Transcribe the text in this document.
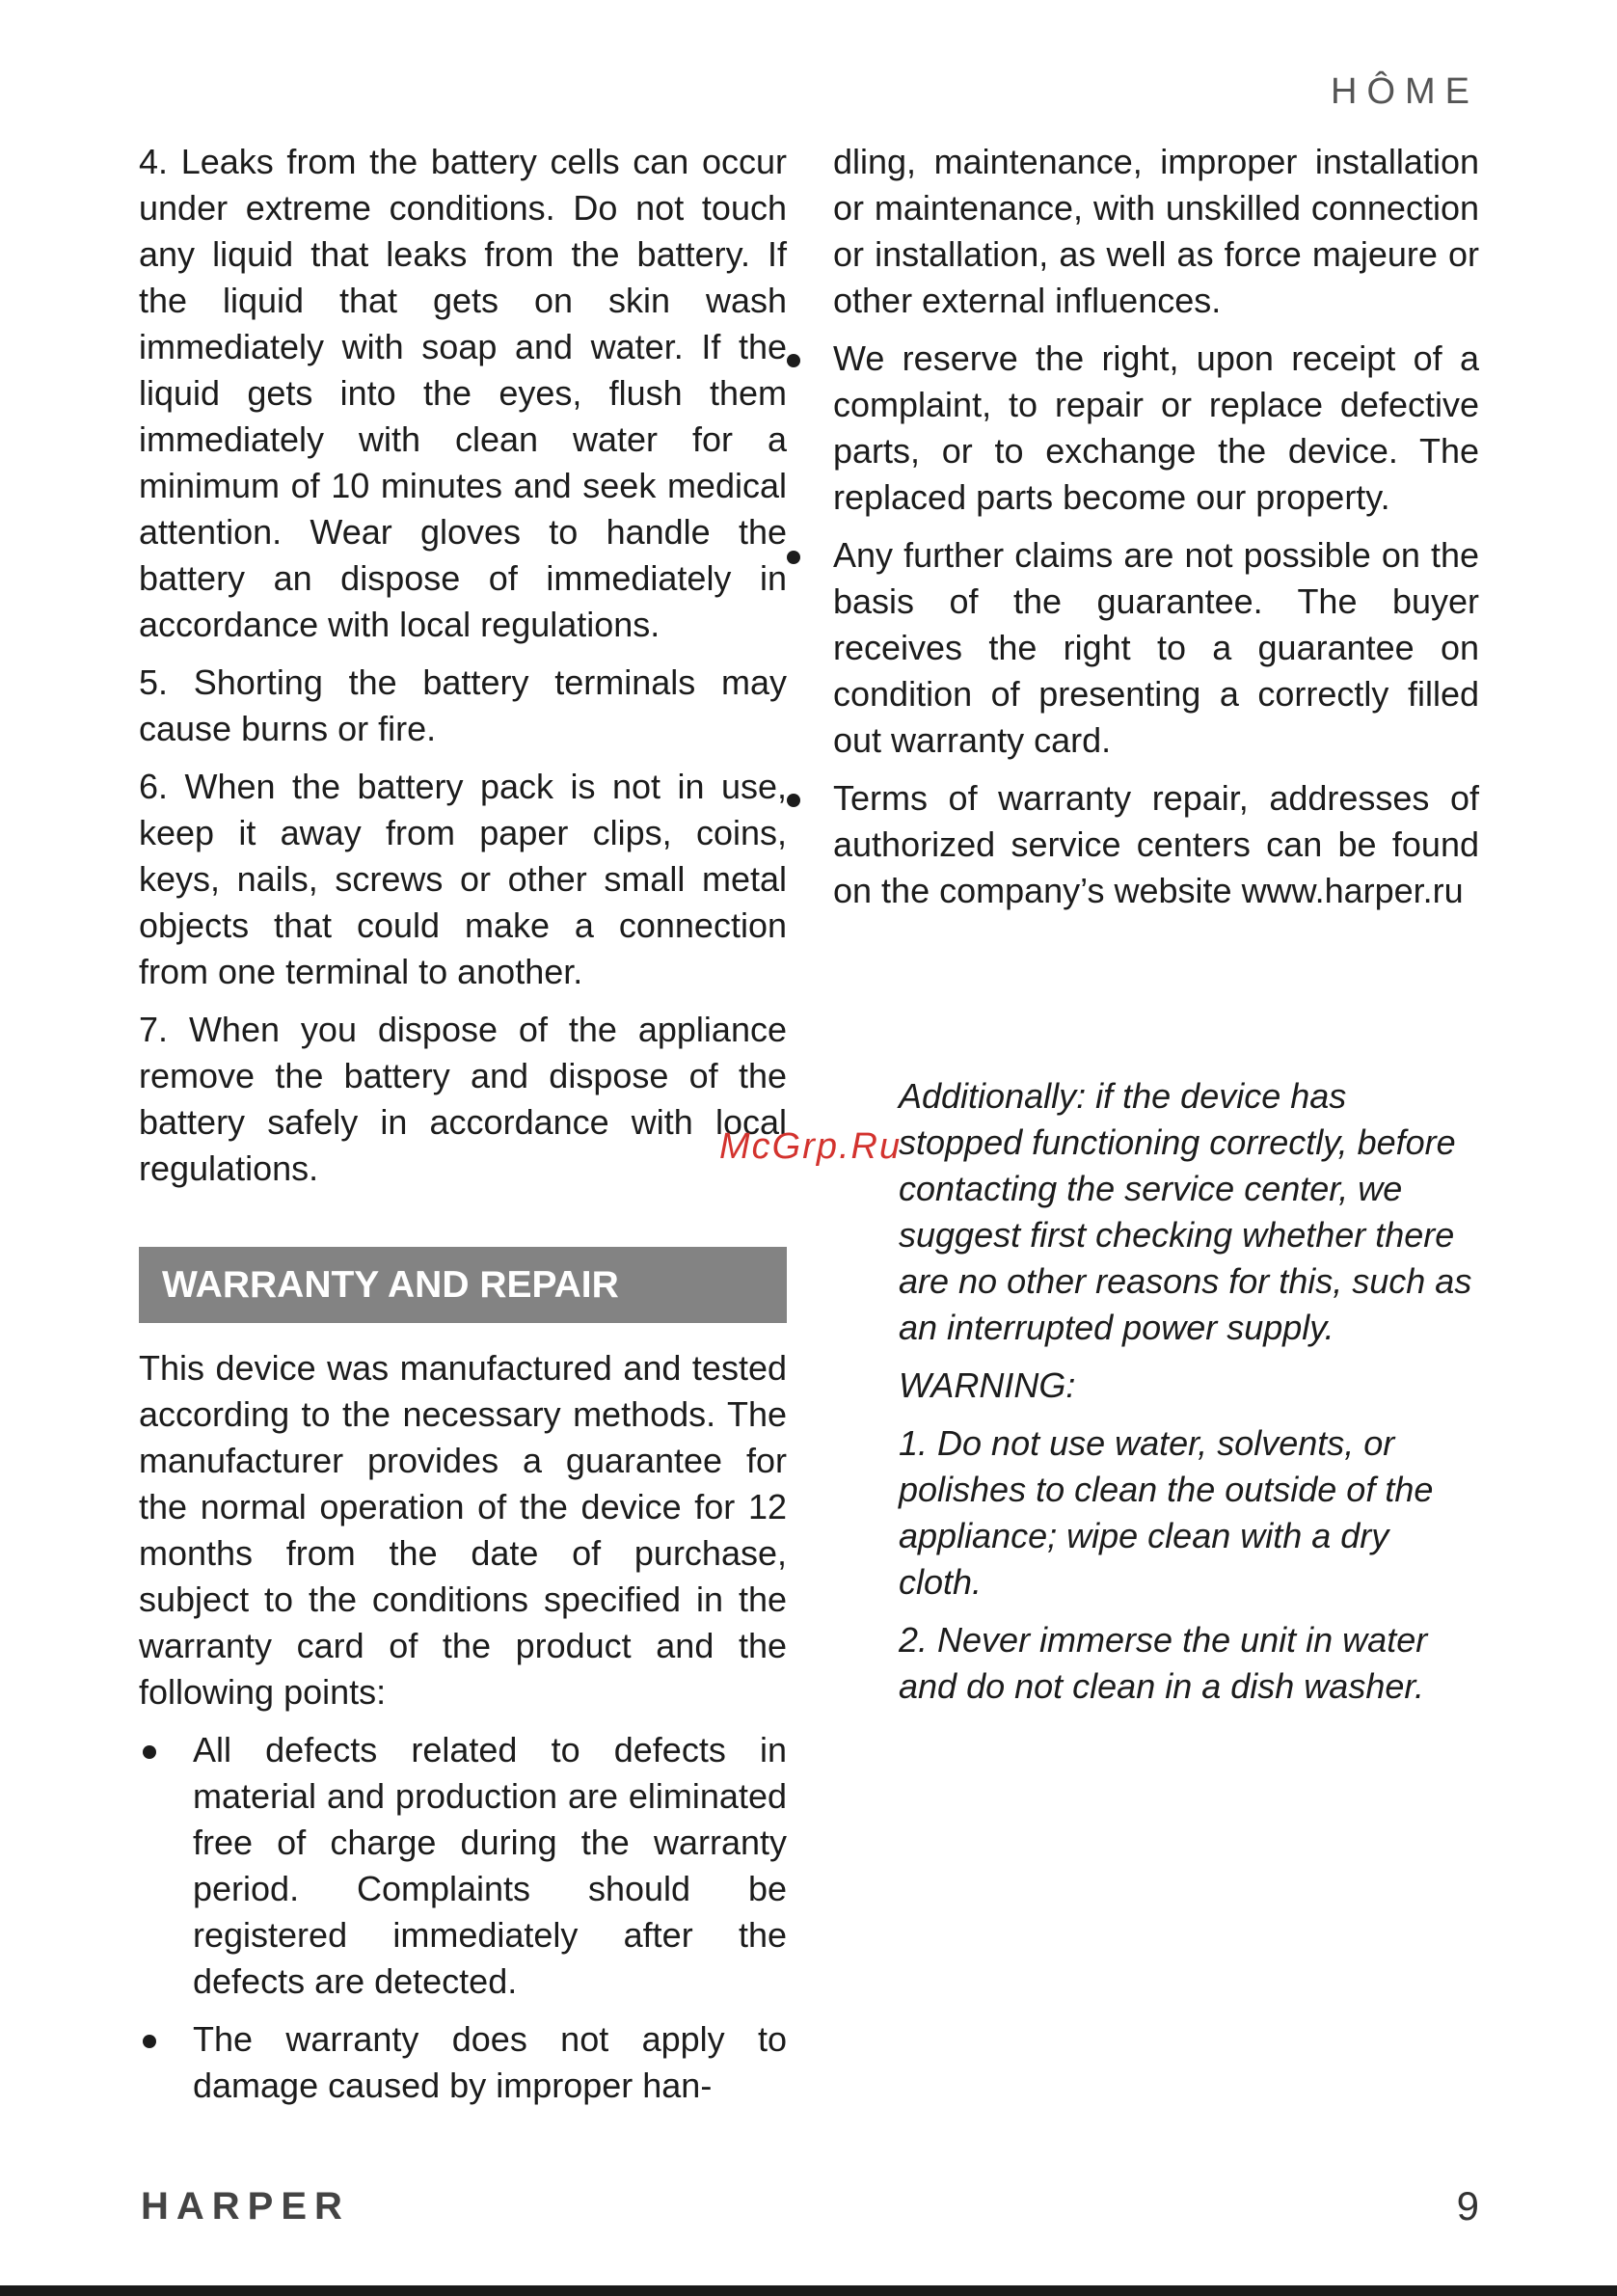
HÔME

4. Leaks from the battery cells can occur under extreme conditions. Do not touch any liquid that leaks from the battery. If the liquid that gets on skin wash immediately with soap and water. If the liquid gets into the eyes, flush them immediately with clean water for a minimum of 10 minutes and seek medical attention. Wear gloves to handle the battery an dispose of immediately in accordance with local regulations.

5. Shorting the battery terminals may cause burns or fire.

6. When the battery pack is not in use, keep it away from paper clips, coins, keys, nails, screws or other small metal objects that could make a connection from one terminal to another.

7. When you dispose of the appliance remove the battery and dispose of the battery safely in accordance with local regulations.

WARRANTY AND REPAIR

This device was manufactured and tested according to the necessary methods. The manufacturer provides a guarantee for the normal operation of the device for 12 months from the date of purchase, subject to the conditions specified in the warranty card of the product and the following points:

All defects related to defects in material and production are eliminated free of charge during the warranty period. Complaints should be registered immediately after the defects are detected.

The warranty does not apply to damage caused by improper han-

dling, maintenance, improper installation or maintenance, with unskilled connection or installation, as well as force majeure or other external influences.

We reserve the right, upon receipt of a complaint, to repair or replace defective parts, or to exchange the device. The replaced parts become our property.

Any further claims are not possible on the basis of the guarantee. The buyer receives the right to a guarantee on condition of presenting a correctly filled out warranty card.

Terms of warranty repair, addresses of authorized service centers can be found on the company’s website www.harper.ru

Additionally: if the device has stopped functioning correctly, before contacting the service center, we suggest first checking whether there are no other reasons for this, such as an interrupted power supply.

WARNING:

1. Do not use water, solvents, or polishes to clean the outside of the appliance; wipe clean with a dry cloth.

2. Never immerse the unit in water and do not clean in a dish washer.

McGrp.Ru
HARPER	9
